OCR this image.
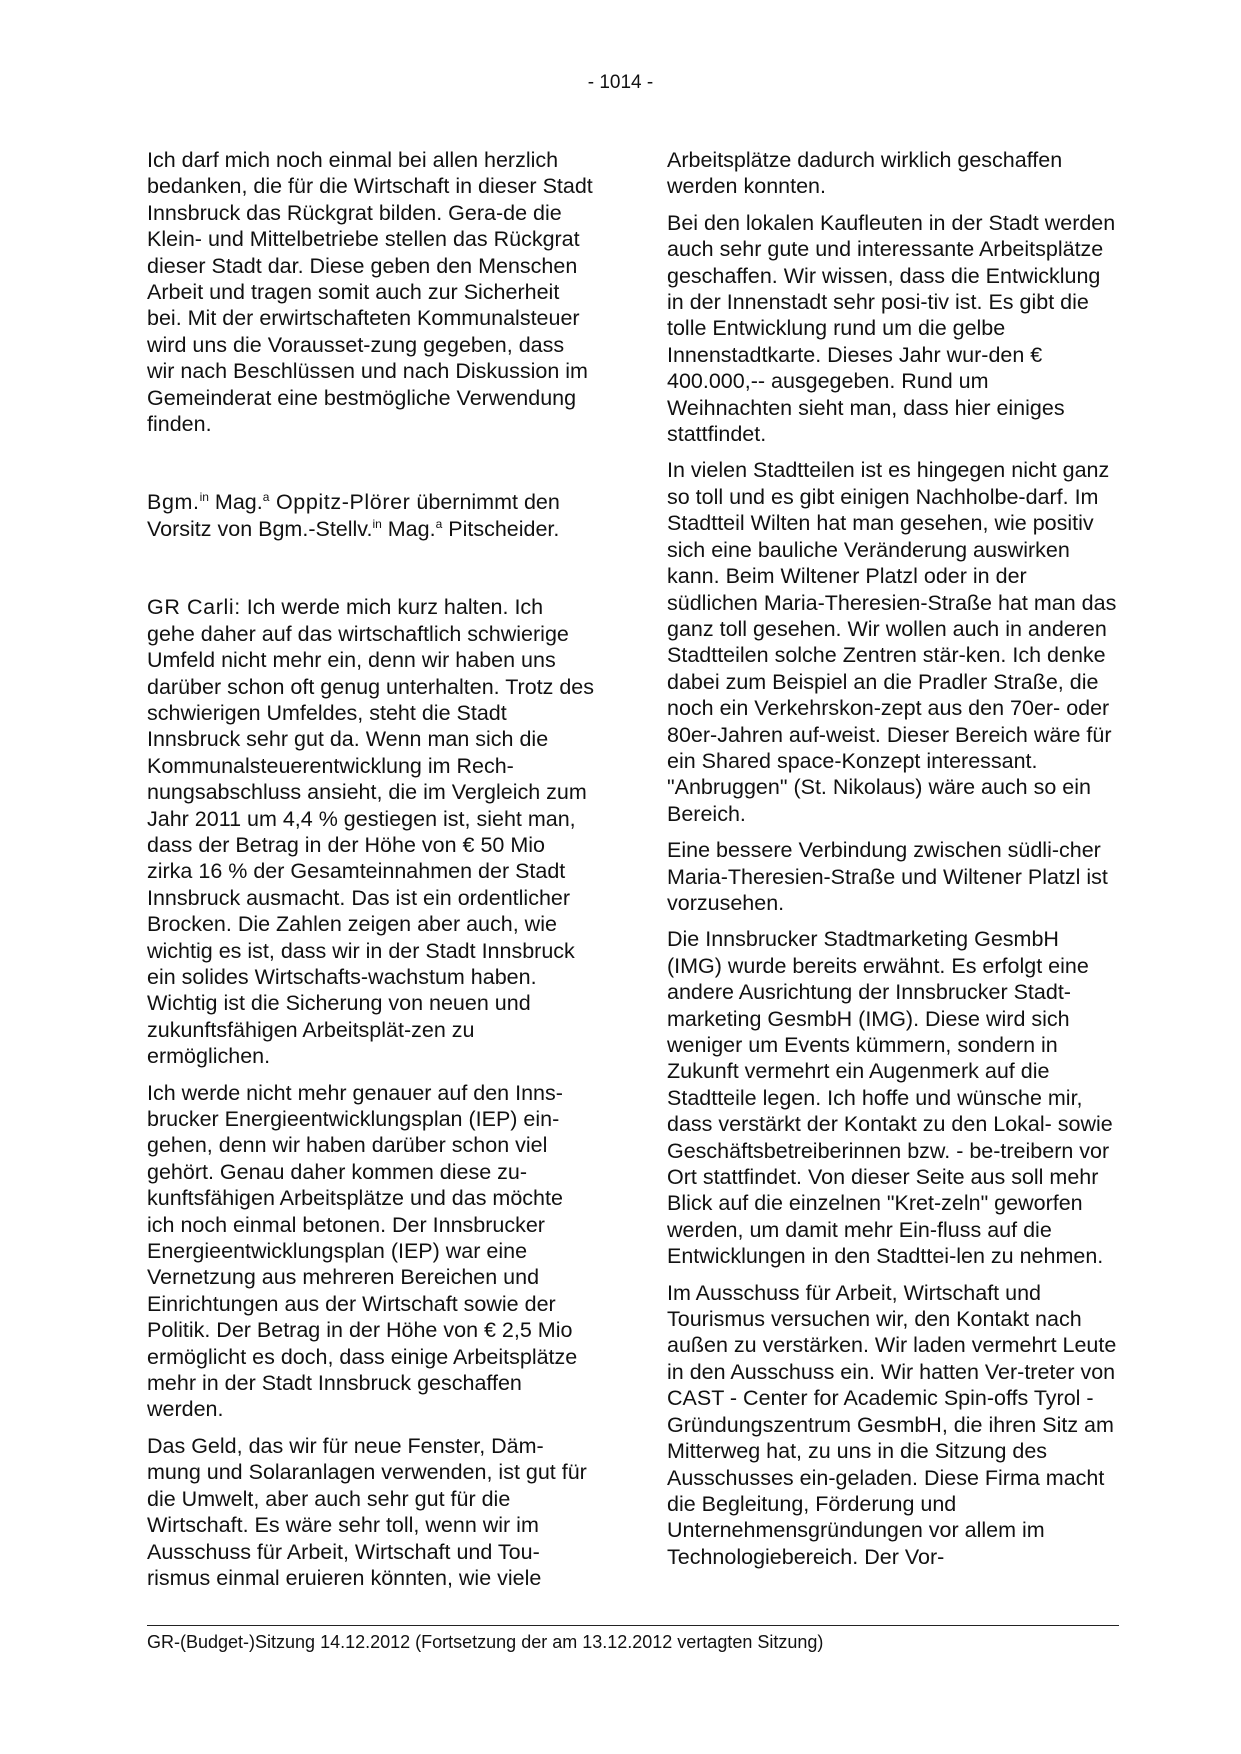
- 1014 -

Ich darf mich noch einmal bei allen herzlich bedanken, die für die Wirtschaft in dieser Stadt Innsbruck das Rückgrat bilden. Gera-de die Klein- und Mittelbetriebe stellen das Rückgrat dieser Stadt dar. Diese geben den Menschen Arbeit und tragen somit auch zur Sicherheit bei. Mit der erwirtschafteten Kommunalsteuer wird uns die Vorausset-zung gegeben, dass wir nach Beschlüssen und nach Diskussion im Gemeinderat eine bestmögliche Verwendung finden.

Bgm.$^{in}$ Mag.$^a$ Oppitz-Plörer übernimmt den Vorsitz von Bgm.-Stellv.$^{in}$ Mag.$^a$ Pitscheider.

GR Carli: Ich werde mich kurz halten. Ich gehe daher auf das wirtschaftlich schwierige Umfeld nicht mehr ein, denn wir haben uns darüber schon oft genug unterhalten. Trotz des schwierigen Umfeldes, steht die Stadt Innsbruck sehr gut da. Wenn man sich die Kommunalsteuerentwicklung im Rech-nungsabschluss ansieht, die im Vergleich zum Jahr 2011 um 4,4 % gestiegen ist, sieht man, dass der Betrag in der Höhe von € 50 Mio zirka 16 % der Gesamteinnahmen der Stadt Innsbruck ausmacht. Das ist ein ordentlicher Brocken. Die Zahlen zeigen aber auch, wie wichtig es ist, dass wir in der Stadt Innsbruck ein solides Wirtschafts-wachstum haben. Wichtig ist die Sicherung von neuen und zukunftsfähigen Arbeitsplät-zen zu ermöglichen.

Ich werde nicht mehr genauer auf den Inns-brucker Energieentwicklungsplan (IEP) ein-gehen, denn wir haben darüber schon viel gehört. Genau daher kommen diese zu-kunftsfähigen Arbeitsplätze und das möchte ich noch einmal betonen. Der Innsbrucker Energieentwicklungsplan (IEP) war eine Vernetzung aus mehreren Bereichen und Einrichtungen aus der Wirtschaft sowie der Politik. Der Betrag in der Höhe von € 2,5 Mio ermöglicht es doch, dass einige Arbeitsplätze mehr in der Stadt Innsbruck geschaffen werden.

Das Geld, das wir für neue Fenster, Däm-mung und Solaranlagen verwenden, ist gut für die Umwelt, aber auch sehr gut für die Wirtschaft. Es wäre sehr toll, wenn wir im Ausschuss für Arbeit, Wirtschaft und Tou-rismus einmal eruieren könnten, wie viele

Arbeitsplätze dadurch wirklich geschaffen werden konnten.

Bei den lokalen Kaufleuten in der Stadt werden auch sehr gute und interessante Arbeitsplätze geschaffen. Wir wissen, dass die Entwicklung in der Innenstadt sehr posi-tiv ist. Es gibt die tolle Entwicklung rund um die gelbe Innenstadtkarte. Dieses Jahr wur-den € 400.000,-- ausgegeben. Rund um Weihnachten sieht man, dass hier einiges stattfindet.

In vielen Stadtteilen ist es hingegen nicht ganz so toll und es gibt einigen Nachholbe-darf. Im Stadtteil Wilten hat man gesehen, wie positiv sich eine bauliche Veränderung auswirken kann. Beim Wiltener Platzl oder in der südlichen Maria-Theresien-Straße hat man das ganz toll gesehen. Wir wollen auch in anderen Stadtteilen solche Zentren stär-ken. Ich denke dabei zum Beispiel an die Pradler Straße, die noch ein Verkehrskon-zept aus den 70er- oder 80er-Jahren auf-weist. Dieser Bereich wäre für ein Shared space-Konzept interessant. "Anbruggen" (St. Nikolaus) wäre auch so ein Bereich.

Eine bessere Verbindung zwischen südli-cher Maria-Theresien-Straße und Wiltener Platzl ist vorzusehen.

Die Innsbrucker Stadtmarketing GesmbH (IMG) wurde bereits erwähnt. Es erfolgt eine andere Ausrichtung der Innsbrucker Stadt-marketing GesmbH (IMG). Diese wird sich weniger um Events kümmern, sondern in Zukunft vermehrt ein Augenmerk auf die Stadtteile legen. Ich hoffe und wünsche mir, dass verstärkt der Kontakt zu den Lokal- sowie Geschäftsbetreiberinnen bzw. - be-treibern vor Ort stattfindet. Von dieser Seite aus soll mehr Blick auf die einzelnen "Kret-zeln" geworfen werden, um damit mehr Ein-fluss auf die Entwicklungen in den Stadttei-len zu nehmen.

Im Ausschuss für Arbeit, Wirtschaft und Tourismus versuchen wir, den Kontakt nach außen zu verstärken. Wir laden vermehrt Leute in den Ausschuss ein. Wir hatten Ver-treter von CAST - Center for Academic Spin-offs Tyrol - Gründungszentrum GesmbH, die ihren Sitz am Mitterweg hat, zu uns in die Sitzung des Ausschusses ein-geladen. Diese Firma macht die Begleitung, Förderung und Unternehmensgründungen vor allem im Technologiebereich. Der Vor-

GR-(Budget-)Sitzung 14.12.2012 (Fortsetzung der am 13.12.2012 vertagten Sitzung)
